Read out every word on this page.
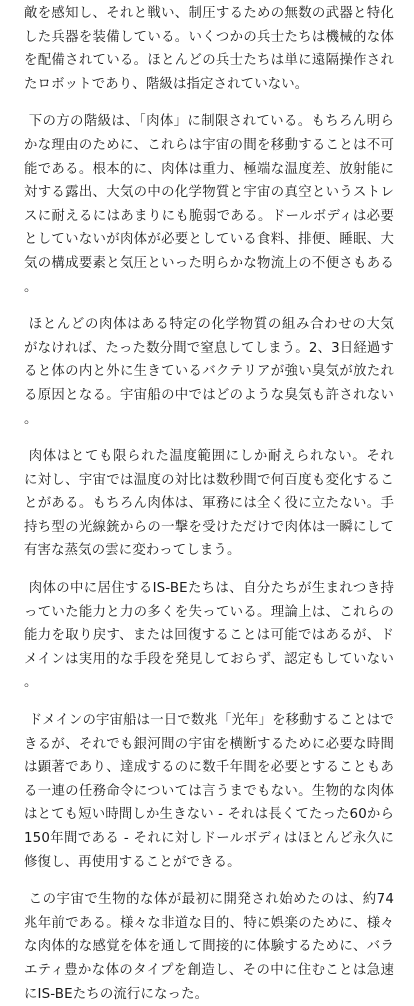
敵を感知し、それと戦い、制圧するための無数の武器と特化した兵器を装備している。いくつかの兵士たちは機械的な体を配備されている。ほとんどの兵士たちは単に遠隔操作されたロボットであり、階級は指定されていない。

下の方の階級は、「肉体」に制限されている。もちろん明らかな理由のために、これらは宇宙の間を移動することは不可能である。根本的に、肉体は重力、極端な温度差、放射能に対する露出、大気の中の化学物質と宇宙の真空というストレスに耐えるにはあまりにも脆弱である。ドールボディは必要としていないが肉体が必要としている食料、排便、睡眠、大気の構成要素と気圧といった明らかな物流上の不便さもある。

ほとんどの肉体はある特定の化学物質の組み合わせの大気がなければ、たった数分間で窒息してしまう。2、3日経過すると体の内と外に生きているバクテリアが強い臭気が放たれる原因となる。宇宙船の中ではどのような臭気も許されない。

肉体はとても限られた温度範囲にしか耐えられない。それに対し、宇宙では温度の対比は数秒間で何百度も変化することがある。もちろん肉体は、軍務には全く役に立たない。手持ち型の光線銃からの一撃を受けただけで肉体は一瞬にして有害な蒸気の雲に変わってしまう。

肉体の中に居住するIS-BEたちは、自分たちが生まれつき持っていた能力と力の多くを失っている。理論上は、これらの能力を取り戻す、または回復することは可能ではあるが、ドメインは実用的な手段を発見しておらず、認定もしていない。

ドメインの宇宙船は一日で数兆「光年」を移動することはできるが、それでも銀河間の宇宙を横断するために必要な時間は顕著であり、達成するのに数千年間を必要とすることもある一連の任務命令については言うまでもない。生物的な肉体はとても短い時間しか生きない - それは長くてたった60から150年間である - それに対しドールボディはほとんど永久に修復し、再使用することができる。

この宇宙で生物的な体が最初に開発され始めたのは、約74兆年前である。様々な非道な目的、特に娯楽のために、様々な肉体的な感覚を体を通して間接的に体験するために、バラエティ豊かな体のタイプを創造し、その中に住むことは急速にIS-BEたちの流行になった。
